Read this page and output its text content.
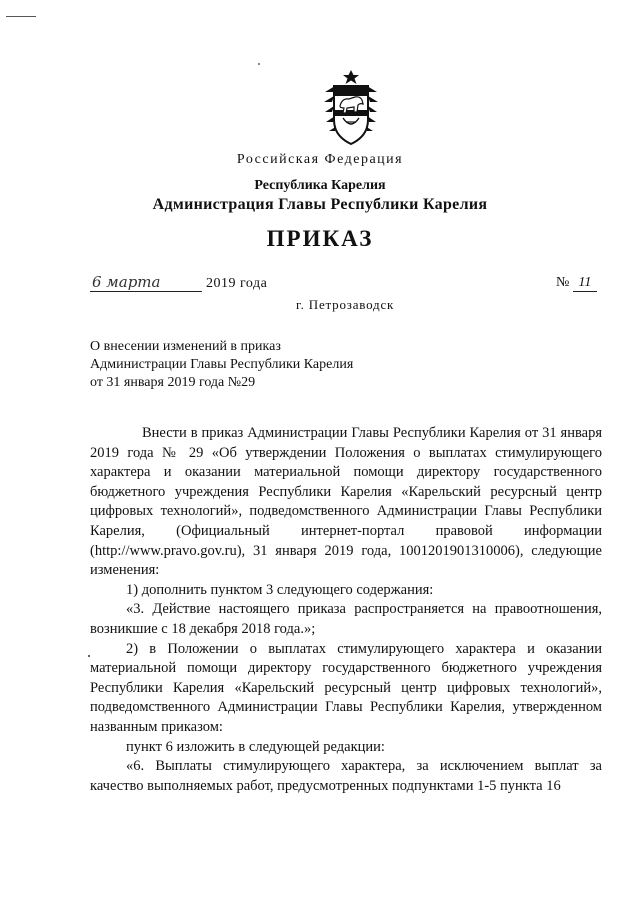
Российская Федерация
Республика Карелия
Администрация Главы Республики Карелия
ПРИКАЗ
6 марта	2019 года	№ 11
г. Петрозаводск
О внесении изменений в приказ
Администрации Главы Республики Карелия
от 31 января 2019 года №29

Внести в приказ Администрации Главы Республики Карелия от 31 января 2019 года № 29 «Об утверждении Положения о выплатах стимулирующего характера и оказании материальной помощи директору государственного бюджетного учреждения Республики Карелия «Карельский ресурсный центр цифровых технологий», подведомственного Администрации Главы Республики Карелия, (Официальный интернет-портал правовой информации (http://www.pravo.gov.ru), 31 января 2019 года, 1001201901310006), следующие изменения:

1) дополнить пунктом 3 следующего содержания:

«3. Действие настоящего приказа распространяется на правоотношения, возникшие с 18 декабря 2018 года.»;

2) в Положении о выплатах стимулирующего характера и оказании материальной помощи директору государственного бюджетного учреждения Республики Карелия «Карельский ресурсный центр цифровых технологий», подведомственного Администрации Главы Республики Карелия, утвержденном названным приказом:

пункт 6 изложить в следующей редакции:

«6. Выплаты стимулирующего характера, за исключением выплат за качество выполняемых работ, предусмотренных подпунктами 1-5 пункта 16
